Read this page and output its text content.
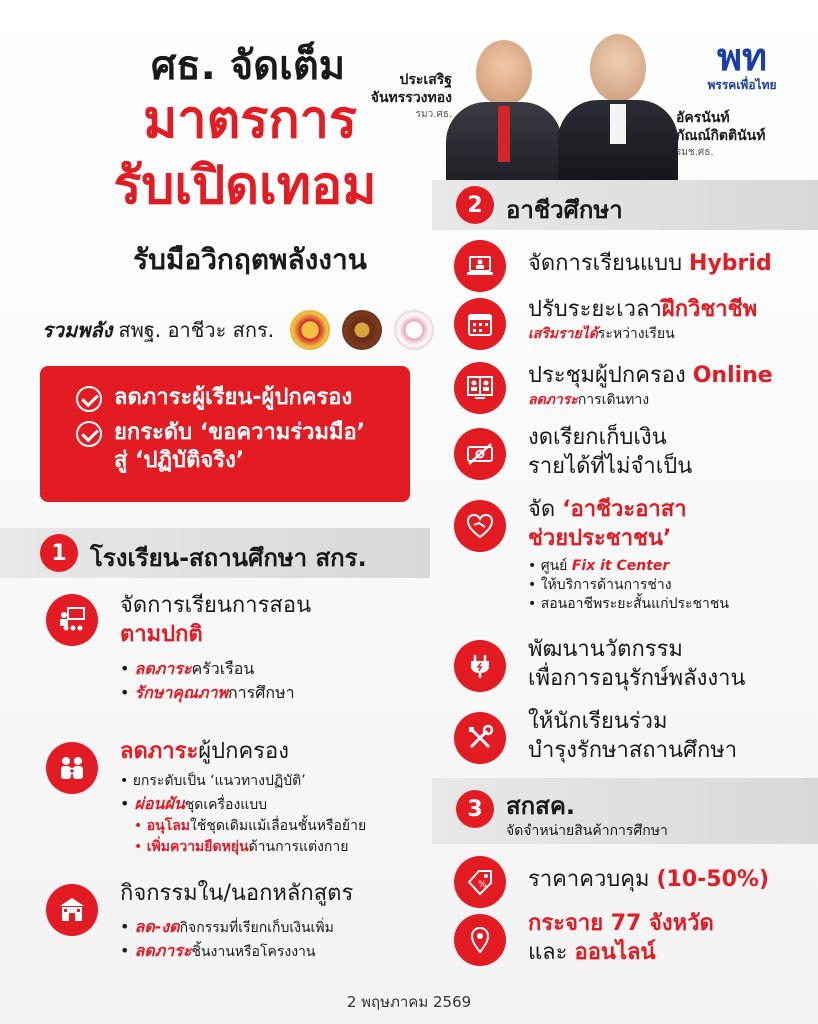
ศธ. จัดเต็ม
มาตรการ
รับเปิดเทอม
รับมือวิกฤตพลังงาน
รวมพลัง สพฐ. อาชีวะ สกร.
ลดภาระผู้เรียน-ผู้ปกครอง
ยกระดับ ‘ขอความร่วมมือ’
สู่ ‘ปฏิบัติจริง’
พท
พรรคเพื่อไทย
ประเสริฐ
จันทรรวงทอง
รมว.ศธ.	อัครนันท์
กัณณ์กิตตินันท์
รมช.ศธ.
1 โรงเรียน-สถานศึกษา สกร.
จัดการเรียนการสอน
ตามปกติ
• ลดภาระครัวเรือน
• รักษาคุณภาพการศึกษา
ลดภาระผู้ปกครอง
• ยกระดับเป็น ‘แนวทางปฏิบัติ’
• ผ่อนผันชุดเครื่องแบบ
• อนุโลมใช้ชุดเดิมแม้เลื่อนชั้นหรือย้าย
• เพิ่มความยืดหยุ่นด้านการแต่งกาย
กิจกรรมใน/นอกหลักสูตร
• ลด-งดกิจกรรมที่เรียกเก็บเงินเพิ่ม
• ลดภาระชิ้นงานหรือโครงงาน
2 อาชีวศึกษา
จัดการเรียนแบบ Hybrid
ปรับระยะเวลาฝึกวิชาชีพ
เสริมรายได้ระหว่างเรียน
ประชุมผู้ปกครอง Online
ลดภาระการเดินทาง
งดเรียกเก็บเงิน
รายได้ที่ไม่จำเป็น
จัด ‘อาชีวะอาสา
ช่วยประชาชน’
• ศูนย์ Fix it Center
• ให้บริการด้านการช่าง
• สอนอาชีพระยะสั้นแก่ประชาชน
พัฒนานวัตกรรม
เพื่อการอนุรักษ์พลังงาน
ให้นักเรียนร่วม
บำรุงรักษาสถานศึกษา
3 สกสค.
จัดจำหน่ายสินค้าการศึกษา
% ราคาควบคุม (10-50%)
กระจาย 77 จังหวัด
และ ออนไลน์
2 พฤษภาคม 2569
